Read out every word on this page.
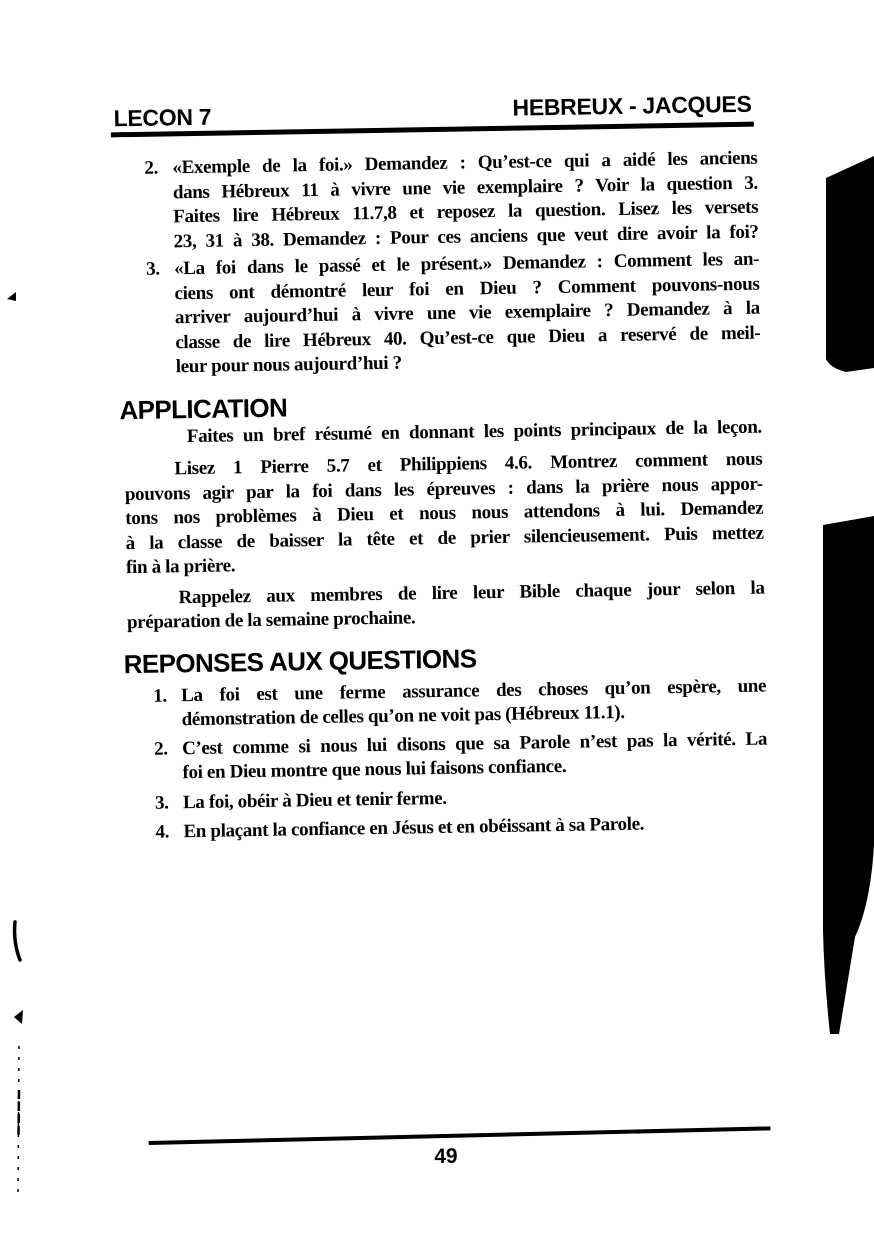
LECON 7	HEBREUX - JACQUES
2. «Exemple de la foi.» Demandez : Qu’est-ce qui a aidé les anciens
dans Hébreux 11 à vivre une vie exemplaire ? Voir la question 3.
Faites lire Hébreux 11.7,8 et reposez la question. Lisez les versets
23, 31 à 38. Demandez : Pour ces anciens que veut dire avoir la foi?
3. «La foi dans le passé et le présent.» Demandez : Comment les an-
ciens ont démontré leur foi en Dieu ? Comment pouvons-nous
arriver aujourd’hui à vivre une vie exemplaire ? Demandez à la
classe de lire Hébreux 40. Qu’est-ce que Dieu a reservé de meil-
leur pour nous aujourd’hui ?
APPLICATION
Faites un bref résumé en donnant les points principaux de la leçon.
Lisez 1 Pierre 5.7 et Philippiens 4.6. Montrez comment nous
pouvons agir par la foi dans les épreuves : dans la prière nous appor-
tons nos problèmes à Dieu et nous nous attendons à lui. Demandez
à la classe de baisser la tête et de prier silencieusement. Puis mettez
fin à la prière.
Rappelez aux membres de lire leur Bible chaque jour selon la
préparation de la semaine prochaine.
REPONSES AUX QUESTIONS
1. La foi est une ferme assurance des choses qu’on espère, une
démonstration de celles qu’on ne voit pas (Hébreux 11.1).
2. C’est comme si nous lui disons que sa Parole n’est pas la vérité. La
foi en Dieu montre que nous lui faisons confiance.
3. La foi, obéir à Dieu et tenir ferme.
4. En plaçant la confiance en Jésus et en obéissant à sa Parole.
49
